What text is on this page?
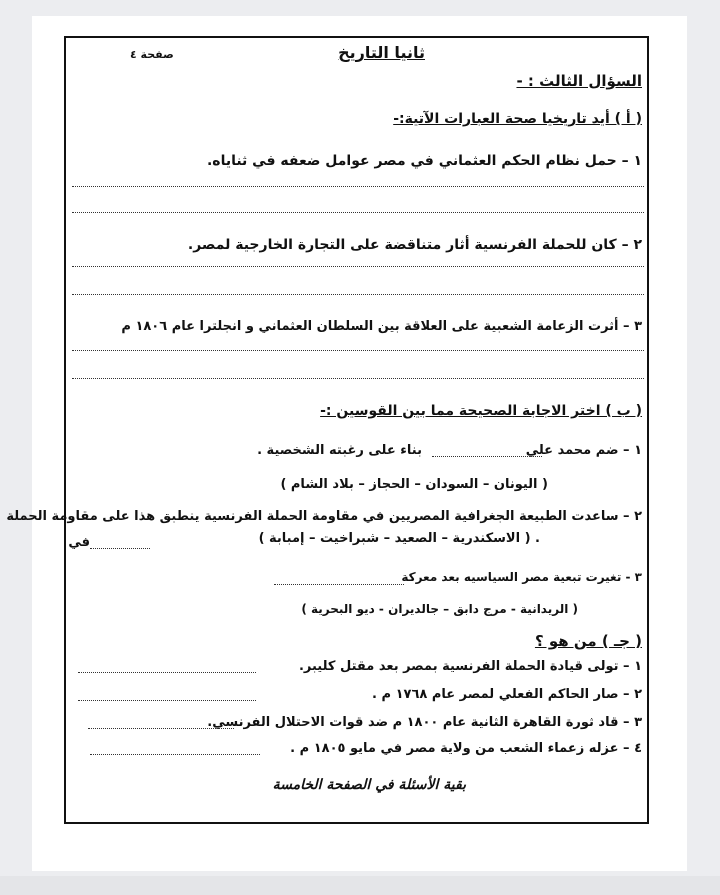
صفحة ٤	ثانيا التاريخ
السؤال الثالث : -
( أ ) أيد تاريخيا صحة العبارات الآتية:-
١ – حمل نظام الحكم العثماني في مصر عوامل ضعفه في ثناياه.
٢ – كان للحملة الفرنسية أثار متناقضة على التجارة الخارجية لمصر.
٣ – أثرت الزعامة الشعبية على العلاقة بين السلطان العثماني و انجلترا عام ١٨٠٦ م
( ب ) اختر الاجابة الصحيحة مما بين القوسين :-
١ – ضم محمد علي
بناء على رغبته الشخصية .
( اليونان – السودان – الحجاز – بلاد الشام )
٢ – ساعدت الطبيعة الجغرافية المصريين في مقاومة الحملة الفرنسية ينطبق هذا على مقاومة الحملة
في	. ( الاسكندرية – الصعيد – شبراخيت – إمبابة )
٣ - تغيرت تبعية مصر السياسيه بعد معركة
( الريدانية - مرج دابق – جالديران - ديو البحرية )
( جـ ) من هو ؟
١ – تولى قيادة الحملة الفرنسية بمصر بعد مقتل كليبر.
٢ – صار الحاكم الفعلي لمصر عام ١٧٦٨ م .
٣ – قاد ثورة القاهرة الثانية عام ١٨٠٠ م ضد قوات الاحتلال الفرنسي.
٤ – عزله زعماء الشعب من ولاية مصر في مايو ١٨٠٥ م .
بقية الأسئلة في الصفحة الخامسة
